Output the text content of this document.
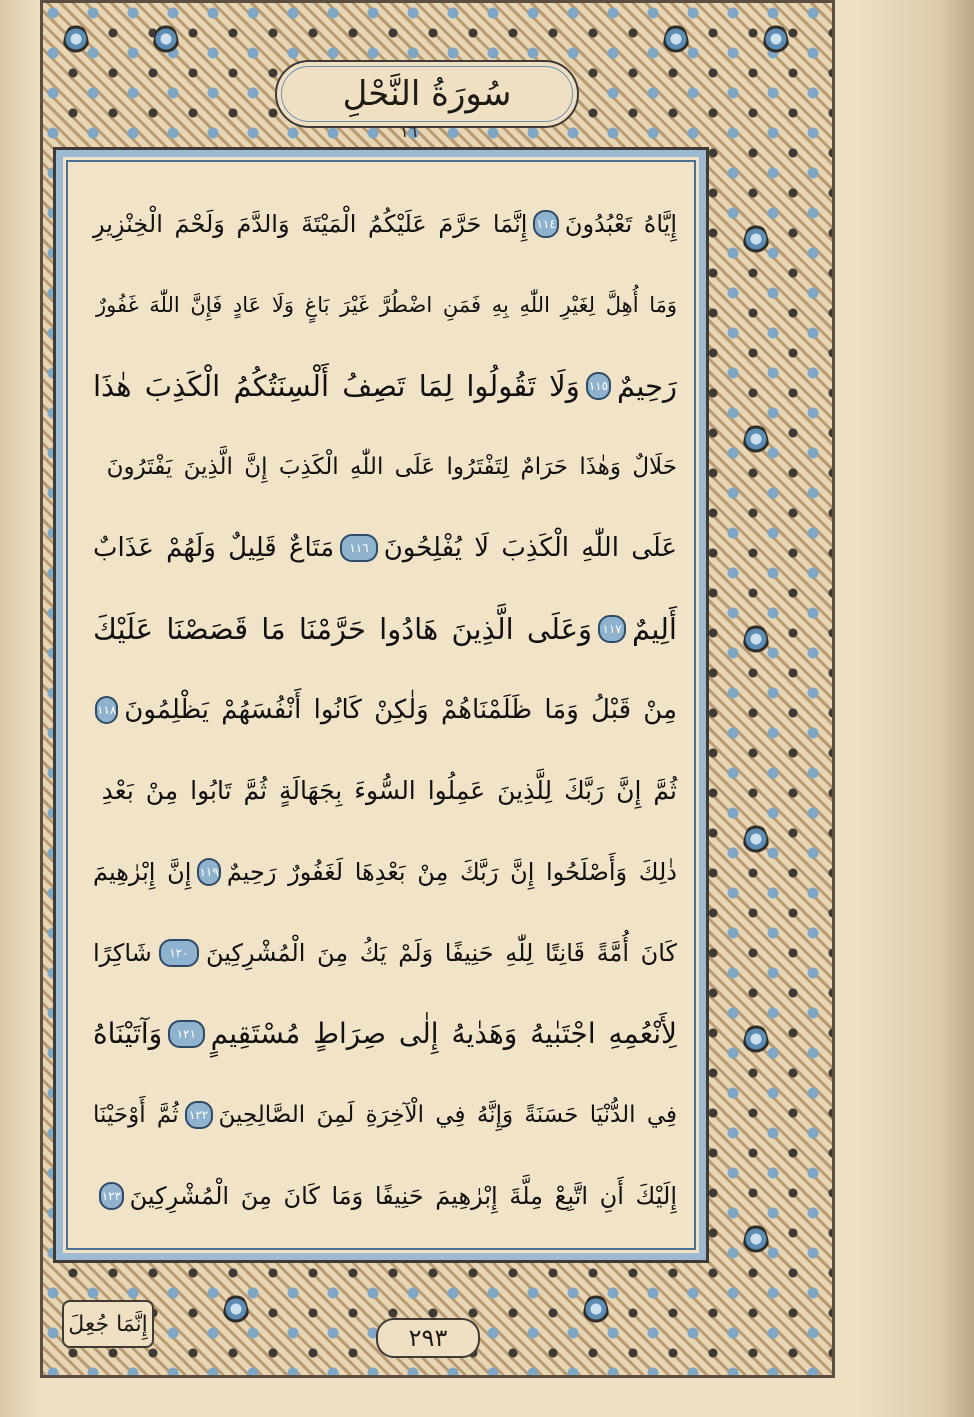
سُورَةُ النَّحْلِ
١٦
إِيَّاهُ تَعْبُدُونَ
١١٤
إِنَّمَا حَرَّمَ عَلَيْكُمُ الْمَيْتَةَ وَالدَّمَ وَلَحْمَ الْخِنْزِيرِ
وَمَا أُهِلَّ لِغَيْرِ اللّٰهِ بِهِ فَمَنِ اضْطُرَّ غَيْرَ بَاغٍ وَلَا عَادٍ فَإِنَّ اللّٰهَ غَفُورٌ
رَحِيمٌ
١١٥
وَلَا تَقُولُوا لِمَا تَصِفُ أَلْسِنَتُكُمُ الْكَذِبَ هٰذَا
حَلَالٌ وَهٰذَا حَرَامٌ لِتَفْتَرُوا عَلَى اللّٰهِ الْكَذِبَ إِنَّ الَّذِينَ يَفْتَرُونَ
عَلَى اللّٰهِ الْكَذِبَ لَا يُفْلِحُونَ
١١٦
مَتَاعٌ قَلِيلٌ وَلَهُمْ عَذَابٌ
أَلِيمٌ
١١٧
وَعَلَى الَّذِينَ هَادُوا حَرَّمْنَا مَا قَصَصْنَا عَلَيْكَ
مِنْ قَبْلُ وَمَا ظَلَمْنَاهُمْ وَلٰكِنْ كَانُوا أَنْفُسَهُمْ يَظْلِمُونَ
١١٨
ثُمَّ إِنَّ رَبَّكَ لِلَّذِينَ عَمِلُوا السُّوءَ بِجَهَالَةٍ ثُمَّ تَابُوا مِنْ بَعْدِ
ذٰلِكَ وَأَصْلَحُوا إِنَّ رَبَّكَ مِنْ بَعْدِهَا لَغَفُورٌ رَحِيمٌ
١١٩
إِنَّ إِبْرٰهِيمَ
كَانَ أُمَّةً قَانِتًا لِلّٰهِ حَنِيفًا وَلَمْ يَكُ مِنَ الْمُشْرِكِينَ
١٢٠
شَاكِرًا
لِأَنْعُمِهِ اجْتَبٰيهُ وَهَدٰيهُ إِلٰى صِرَاطٍ مُسْتَقِيمٍ
١٢١
وَآتَيْنَاهُ
فِي الدُّنْيَا حَسَنَةً وَإِنَّهُ فِي الْآخِرَةِ لَمِنَ الصَّالِحِينَ
١٢٢
ثُمَّ أَوْحَيْنَا
إِلَيْكَ أَنِ اتَّبِعْ مِلَّةَ إِبْرٰهِيمَ حَنِيفًا وَمَا كَانَ مِنَ الْمُشْرِكِينَ
١٢٣
إِنَّمَا جُعِلَ	٢٩٣
